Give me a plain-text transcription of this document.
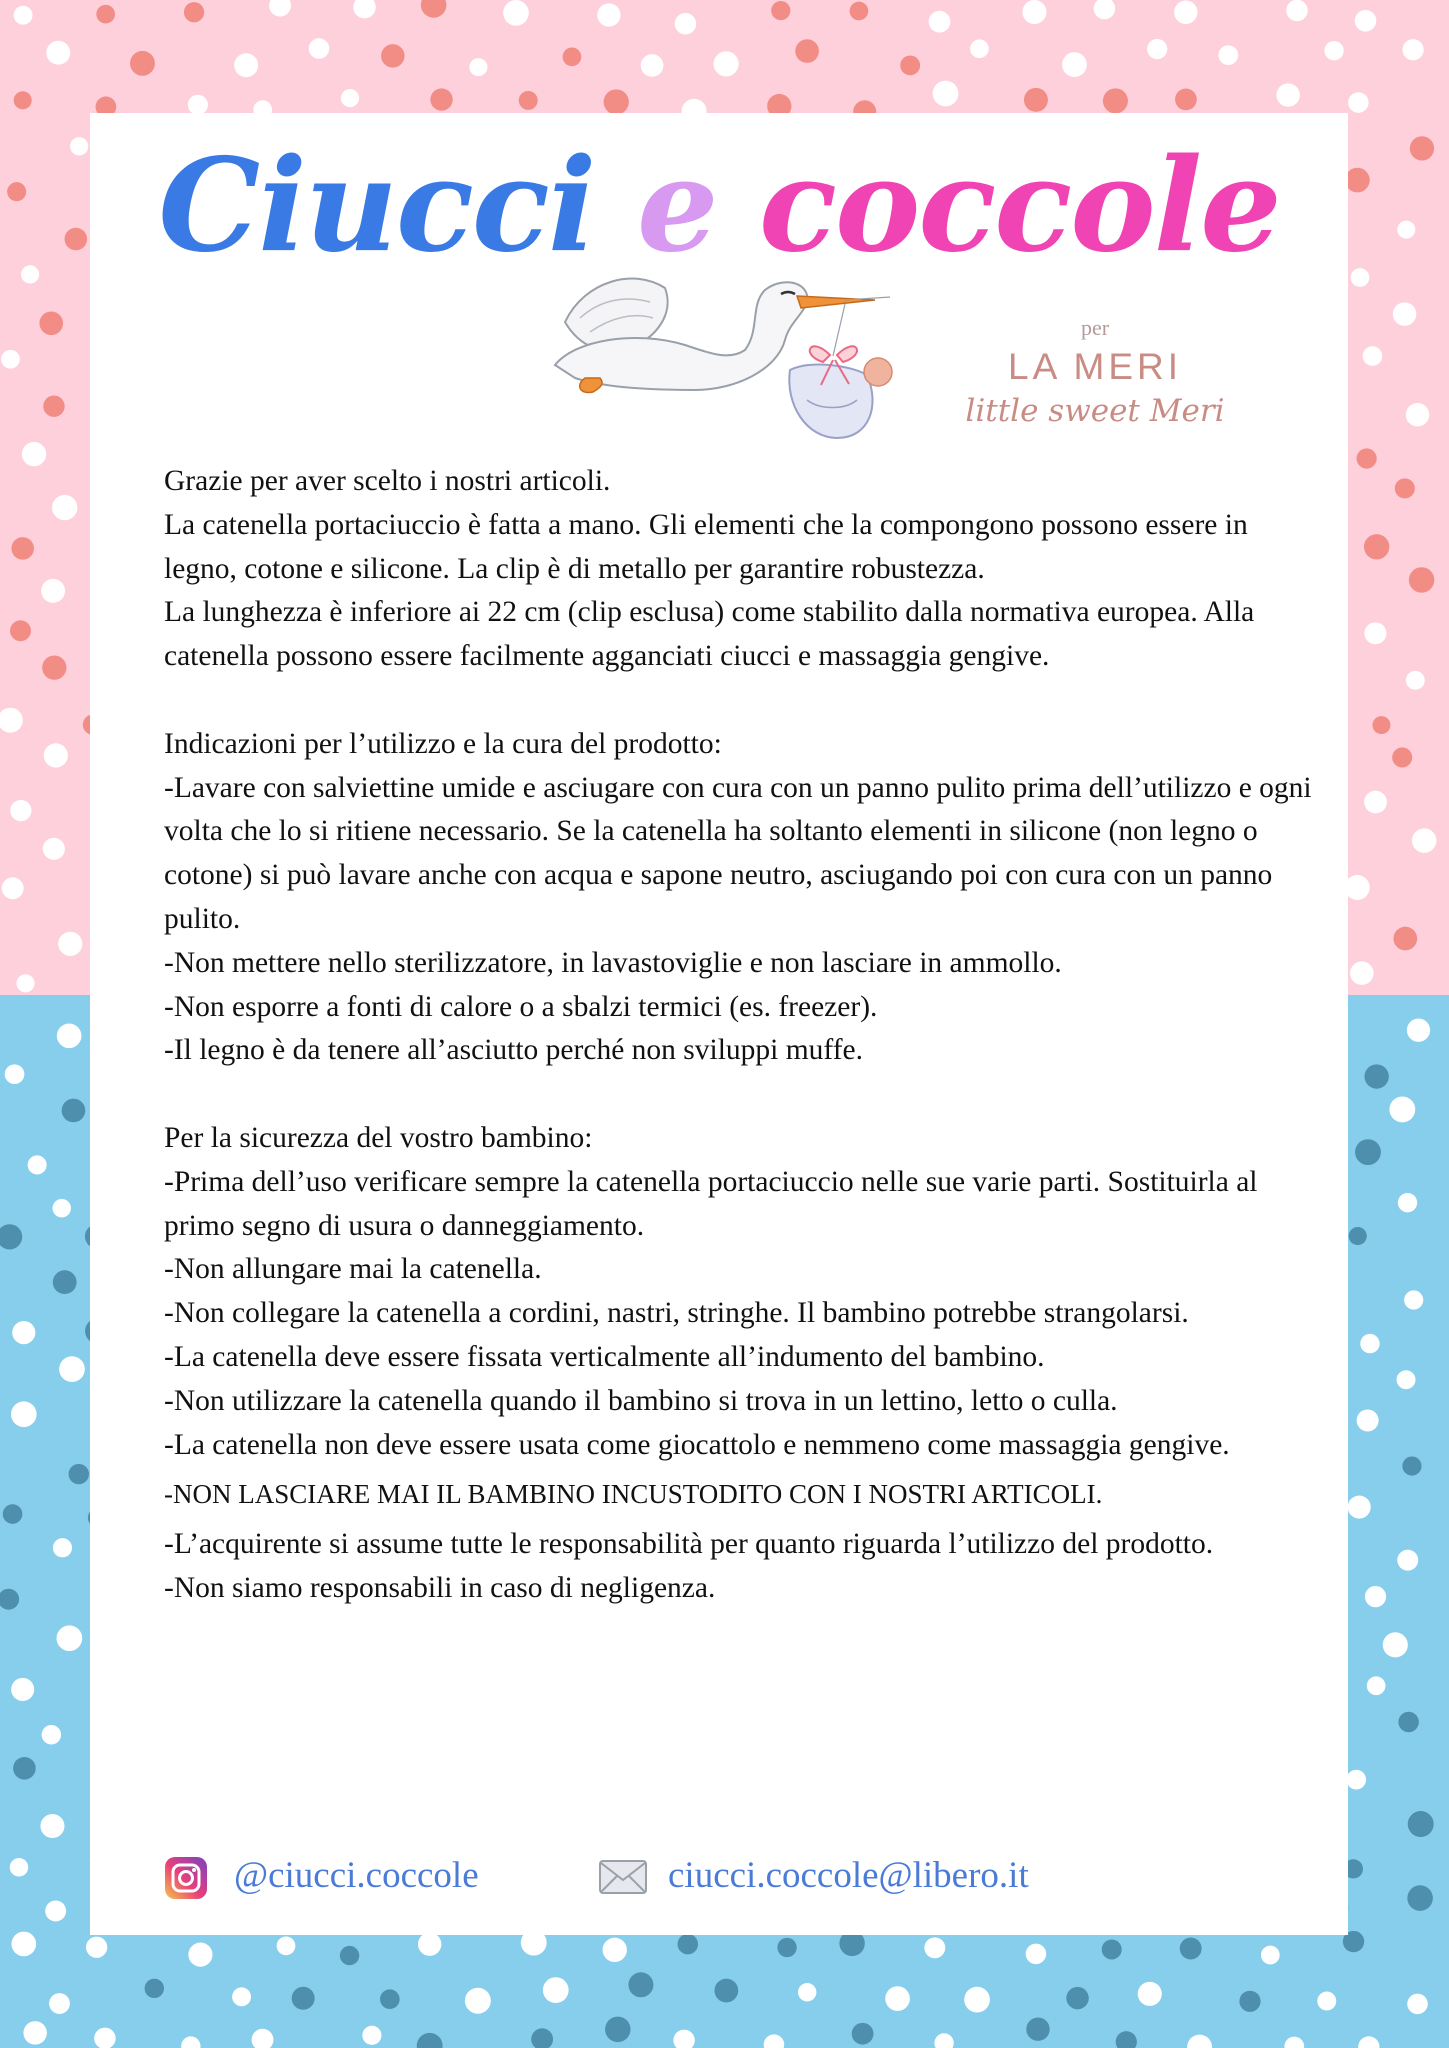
Ciucci e coccole
per
LA MERI
little sweet Meri

Grazie per aver scelto i nostri articoli.

La catenella portaciuccio è fatta a mano. Gli elementi che la compongono possono essere in legno, cotone e silicone. La clip è di metallo per garantire robustezza.

La lunghezza è inferiore ai 22 cm (clip esclusa) come stabilito dalla normativa europea. Alla catenella possono essere facilmente agganciati ciucci e massaggia gengive.

Indicazioni per l’utilizzo e la cura del prodotto:

-Lavare con salviettine umide e asciugare con cura con un panno pulito prima dell’utilizzo e ogni volta che lo si ritiene necessario. Se la catenella ha soltanto elementi in silicone (non legno o cotone) si può lavare anche con acqua e sapone neutro, asciugando poi con cura con un panno pulito.

-Non mettere nello sterilizzatore, in lavastoviglie e non lasciare in ammollo.

-Non esporre a fonti di calore o a sbalzi termici (es. freezer).

-Il legno è da tenere all’asciutto perché non sviluppi muffe.

Per la sicurezza del vostro bambino:

-Prima dell’uso verificare sempre la catenella portaciuccio nelle sue varie parti. Sostituirla al primo segno di usura o danneggiamento.

-Non allungare mai la catenella.

-Non collegare la catenella a cordini, nastri, stringhe. Il bambino potrebbe strangolarsi.

-La catenella deve essere fissata verticalmente all’indumento del bambino.

-Non utilizzare la catenella quando il bambino si trova in un lettino, letto o culla.

-La catenella non deve essere usata come giocattolo e nemmeno come massaggia gengive.

-NON LASCIARE MAI IL BAMBINO INCUSTODITO CON I NOSTRI ARTICOLI.

-L’acquirente si assume tutte le responsabilità per quanto riguarda l’utilizzo del prodotto.

-Non siamo responsabili in caso di negligenza.

@ciucci.coccole	ciucci.coccole@libero.it
